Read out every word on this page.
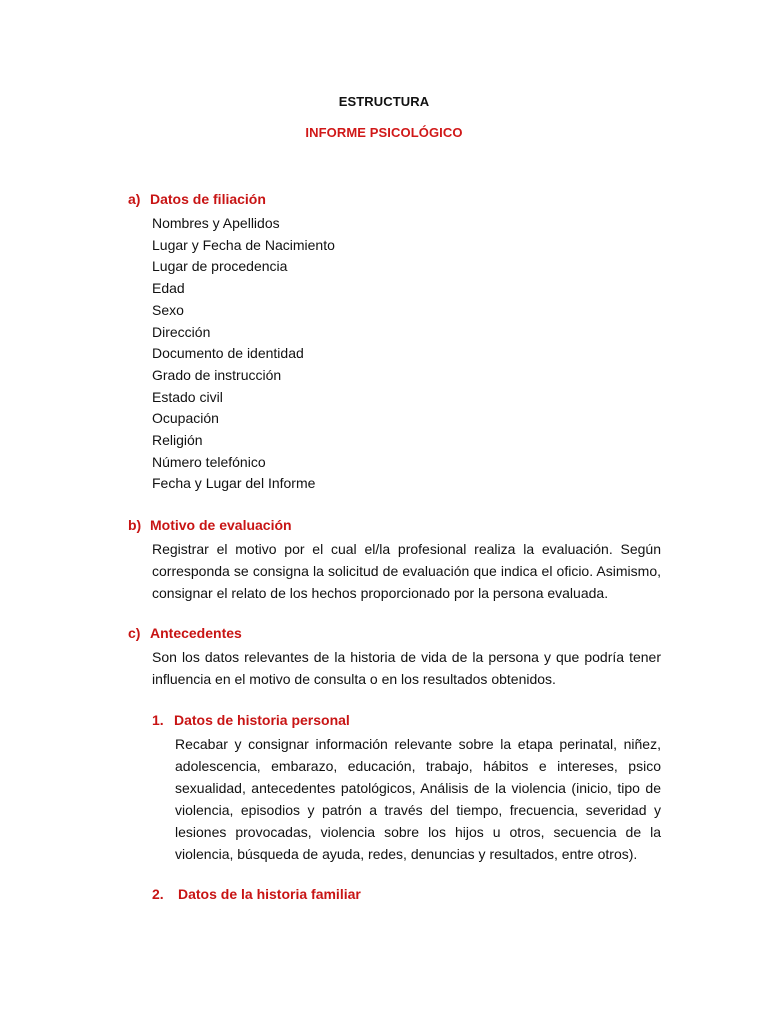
ESTRUCTURA
INFORME PSICOLÓGICO
a) Datos de filiación
Nombres y Apellidos
Lugar y Fecha de Nacimiento
Lugar de procedencia
Edad
Sexo
Dirección
Documento de identidad
Grado de instrucción
Estado civil
Ocupación
Religión
Número telefónico
Fecha y Lugar del Informe
b) Motivo de evaluación

Registrar el motivo por el cual el/la profesional realiza la evaluación. Según corresponda se consigna la solicitud de evaluación que indica el oficio. Asimismo, consignar el relato de los hechos proporcionado por la persona evaluada.

c) Antecedentes

Son los datos relevantes de la historia de vida de la persona y que podría tener influencia en el motivo de consulta o en los resultados obtenidos.

1. Datos de historia personal

Recabar y consignar información relevante sobre la etapa perinatal, niñez, adolescencia, embarazo, educación, trabajo, hábitos e intereses, psico sexualidad, antecedentes patológicos, Análisis de la violencia (inicio, tipo de violencia, episodios y patrón a través del tiempo, frecuencia, severidad y lesiones provocadas, violencia sobre los hijos u otros, secuencia de la violencia, búsqueda de ayuda, redes, denuncias y resultados, entre otros).

2. Datos de la historia familiar
